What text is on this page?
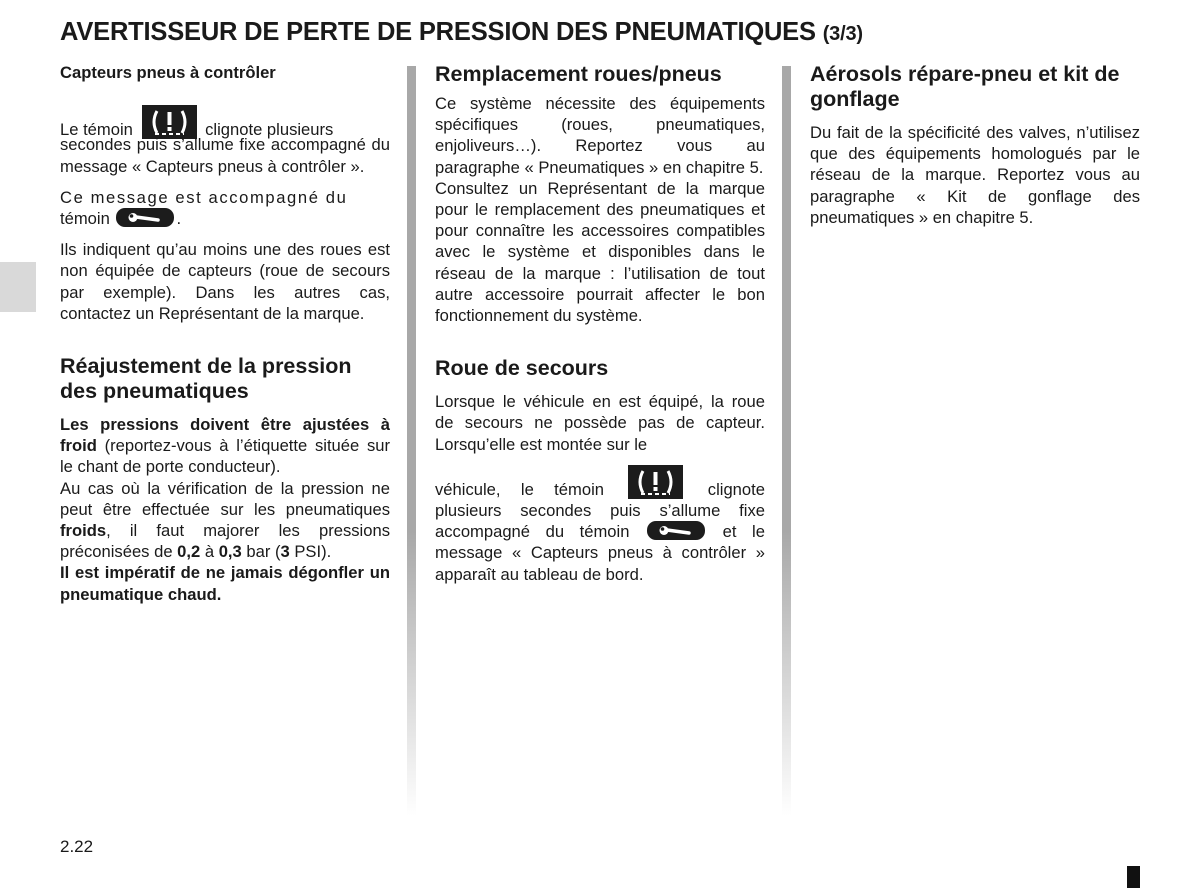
AVERTISSEUR DE PERTE DE PRESSION DES PNEUMATIQUES (3/3)
Capteurs pneus à contrôler

Le témoin	clignote plusieurs

secondes puis s’allume fixe accompagné du message « Capteurs pneus à contrôler ».

Ce message est accompagné du
témoin	.

Ils indiquent qu’au moins une des roues est non équipée de capteurs (roue de secours par exemple). Dans les autres cas, contactez un Représentant de la marque.

Réajustement de la pression des pneumatiques

Les pressions doivent être ajustées à froid (reportez-vous à l’étiquette située sur le chant de porte conducteur).

Au cas où la vérification de la pression ne peut être effectuée sur les pneumatiques froids, il faut majorer les pressions préconisées de 0,2 à 0,3 bar (3 PSI).

Il est impératif de ne jamais dégonfler un pneumatique chaud.

Remplacement roues/pneus

Ce système nécessite des équipements spécifiques (roues, pneumatiques, enjoliveurs…). Reportez vous au paragraphe « Pneumatiques » en chapitre 5.

Consultez un Représentant de la marque pour le remplacement des pneumatiques et pour connaître les accessoires compatibles avec le système et disponibles dans le réseau de la marque : l’utilisation de tout autre accessoire pourrait affecter le bon fonctionnement du système.

Roue de secours

Lorsque le véhicule en est équipé, la roue de secours ne possède pas de capteur. Lorsqu’elle est montée sur le

véhicule, le témoin	clignote plusieurs secondes puis s’allume fixe accompagné du témoin	et le message « Capteurs pneus à contrôler » apparaît au tableau de bord.

Aérosols répare-pneu et kit de gonflage

Du fait de la spécificité des valves, n’utilisez que des équipements homologués par le réseau de la marque. Reportez vous au paragraphe « Kit de gonflage des pneumatiques » en chapitre 5.

2.22
